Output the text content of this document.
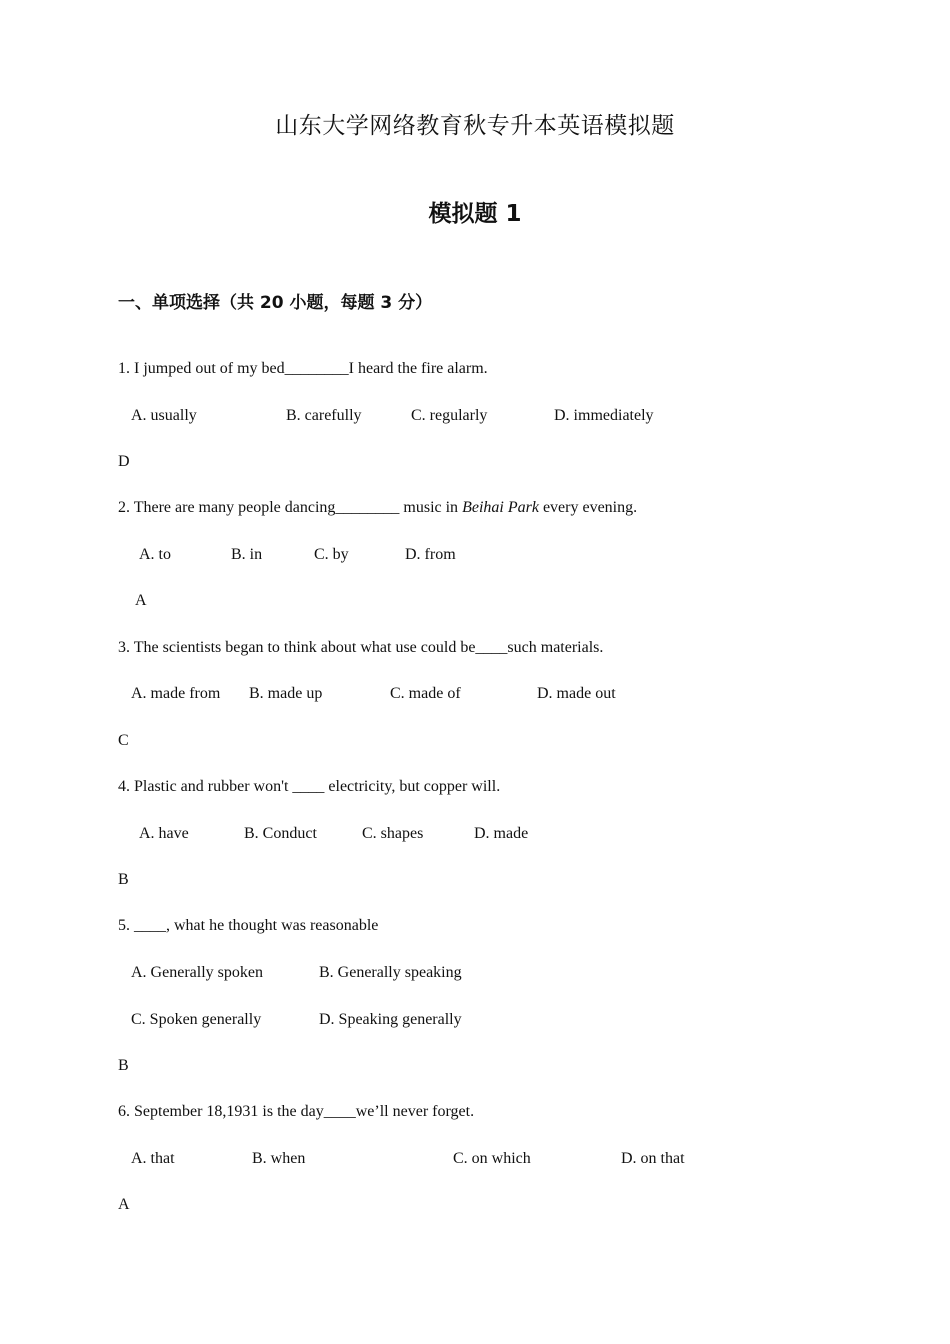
山东大学网络教育秋专升本英语模拟题
模拟题 1
一、单项选择（共 20 小题，每题 3 分）
1. I jumped out of my bed________I heard the fire alarm.
A. usually	B. carefully	C. regularly	D. immediately
D
2. There are many people dancing________ music in Beihai Park every evening.
A. to	B. in	C. by	D. from
A
3. The scientists began to think about what use could be____such materials.
A. made from B. made up	C. made of	D. made out
C
4. Plastic and rubber won't ____ electricity, but copper will.
A. have	B. Conduct	C. shapes	D. made
B
5. ____, what he thought was reasonable
A. Generally spoken	B. Generally speaking
C. Spoken generally	D. Speaking generally
B
6. September 18,1931 is the day____we’ll never forget.
A. that	B. when	C. on which	D. on that
A
